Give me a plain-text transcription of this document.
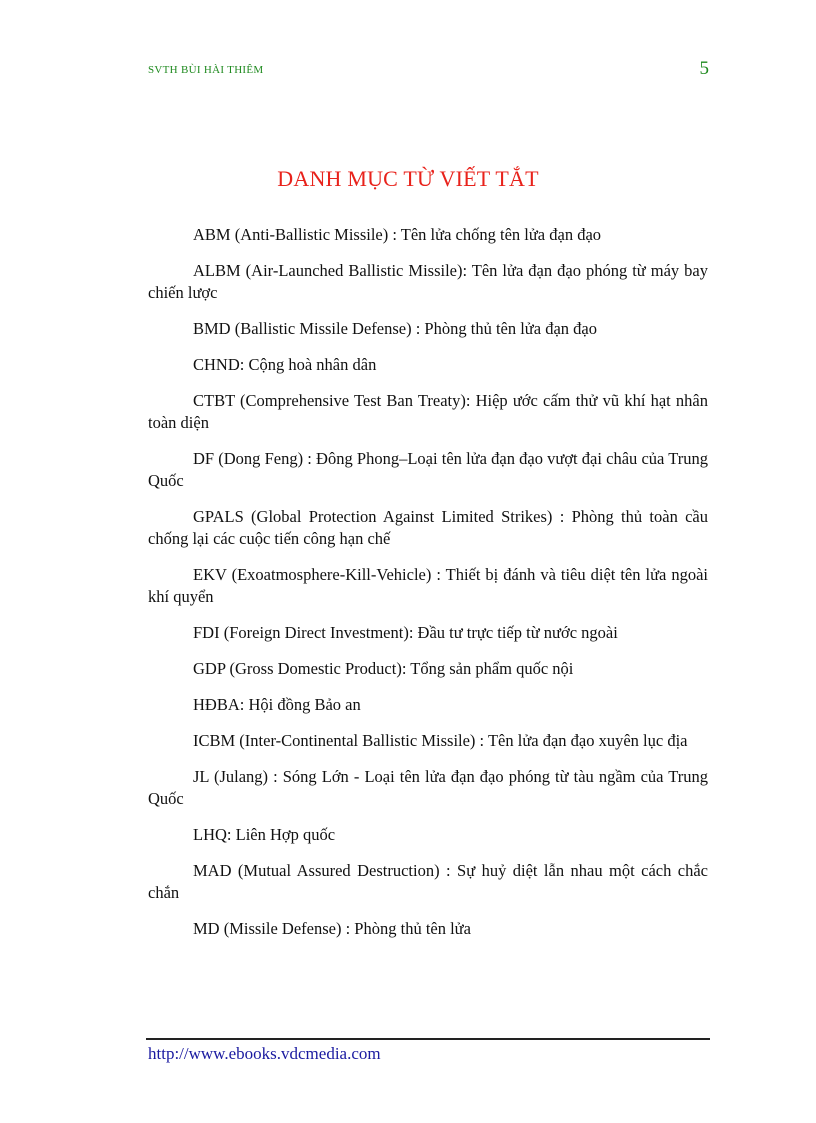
SVTH BÙI HÀI THIÊM	5
DANH MỤC TỪ VIẾT TẮT

ABM (Anti-Ballistic Missile) : Tên lửa chống tên lửa đạn đạo

ALBM (Air-Launched Ballistic Missile): Tên lửa đạn đạo phóng từ máy bay chiến lược

BMD (Ballistic Missile Defense) : Phòng thủ tên lửa đạn đạo

CHND: Cộng hoà nhân dân

CTBT (Comprehensive Test Ban Treaty): Hiệp ước cấm thử vũ khí hạt nhân toàn diện

DF (Dong Feng) : Đông Phong–Loại tên lửa đạn đạo vượt đại châu của Trung Quốc

GPALS (Global Protection Against Limited Strikes) : Phòng thủ toàn cầu chống lại các cuộc tiến công hạn chế

EKV (Exoatmosphere-Kill-Vehicle) : Thiết bị đánh và tiêu diệt tên lửa ngoài khí quyển

FDI (Foreign Direct Investment): Đầu tư trực tiếp từ nước ngoài

GDP (Gross Domestic Product): Tổng sản phẩm quốc nội

HĐBA: Hội đồng Bảo an

ICBM (Inter-Continental Ballistic Missile) : Tên lửa đạn đạo xuyên lục địa

JL (Julang) : Sóng Lớn - Loại tên lửa đạn đạo phóng từ tàu ngầm của Trung Quốc

LHQ: Liên Hợp quốc

MAD (Mutual Assured Destruction) : Sự huỷ diệt lẫn nhau một cách chắc chắn

MD (Missile Defense) : Phòng thủ tên lửa

http://www.ebooks.vdcmedia.com
